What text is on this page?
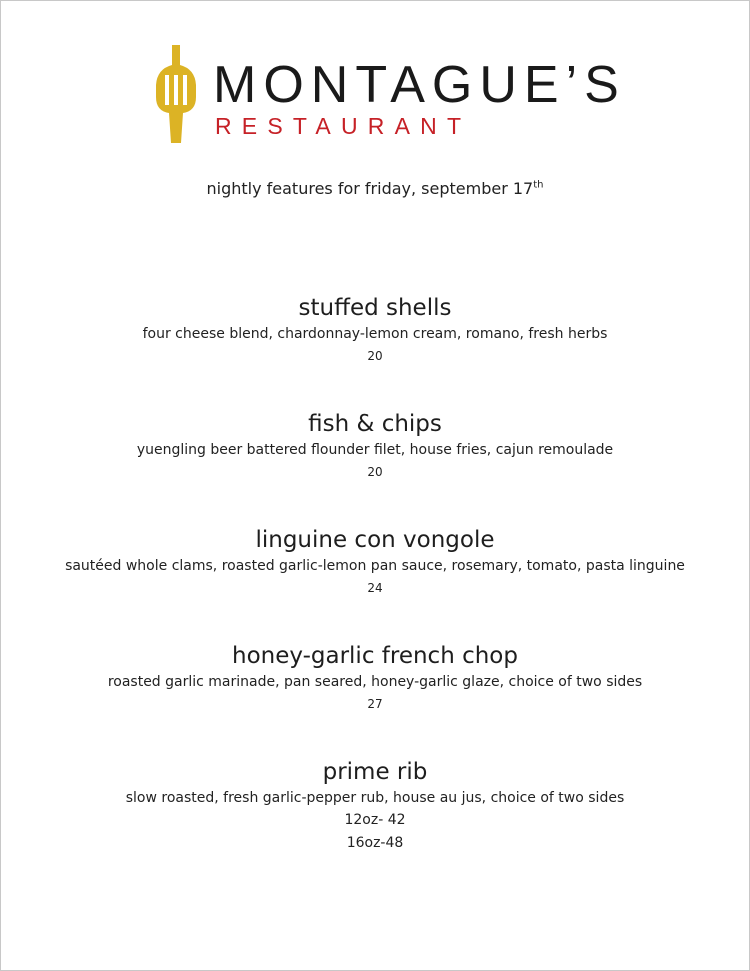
MONTAGUE’S
RESTAURANT
nightly features for friday, september 17th
stuffed shells
four cheese blend, chardonnay-lemon cream, romano, fresh herbs
20
fish & chips
yuengling beer battered flounder filet, house fries, cajun remoulade
20
linguine con vongole
sautéed whole clams, roasted garlic-lemon pan sauce, rosemary, tomato, pasta linguine
24
honey-garlic french chop
roasted garlic marinade, pan seared, honey-garlic glaze, choice of two sides
27
prime rib
slow roasted, fresh garlic-pepper rub, house au jus, choice of two sides
12oz- 42
16oz-48
